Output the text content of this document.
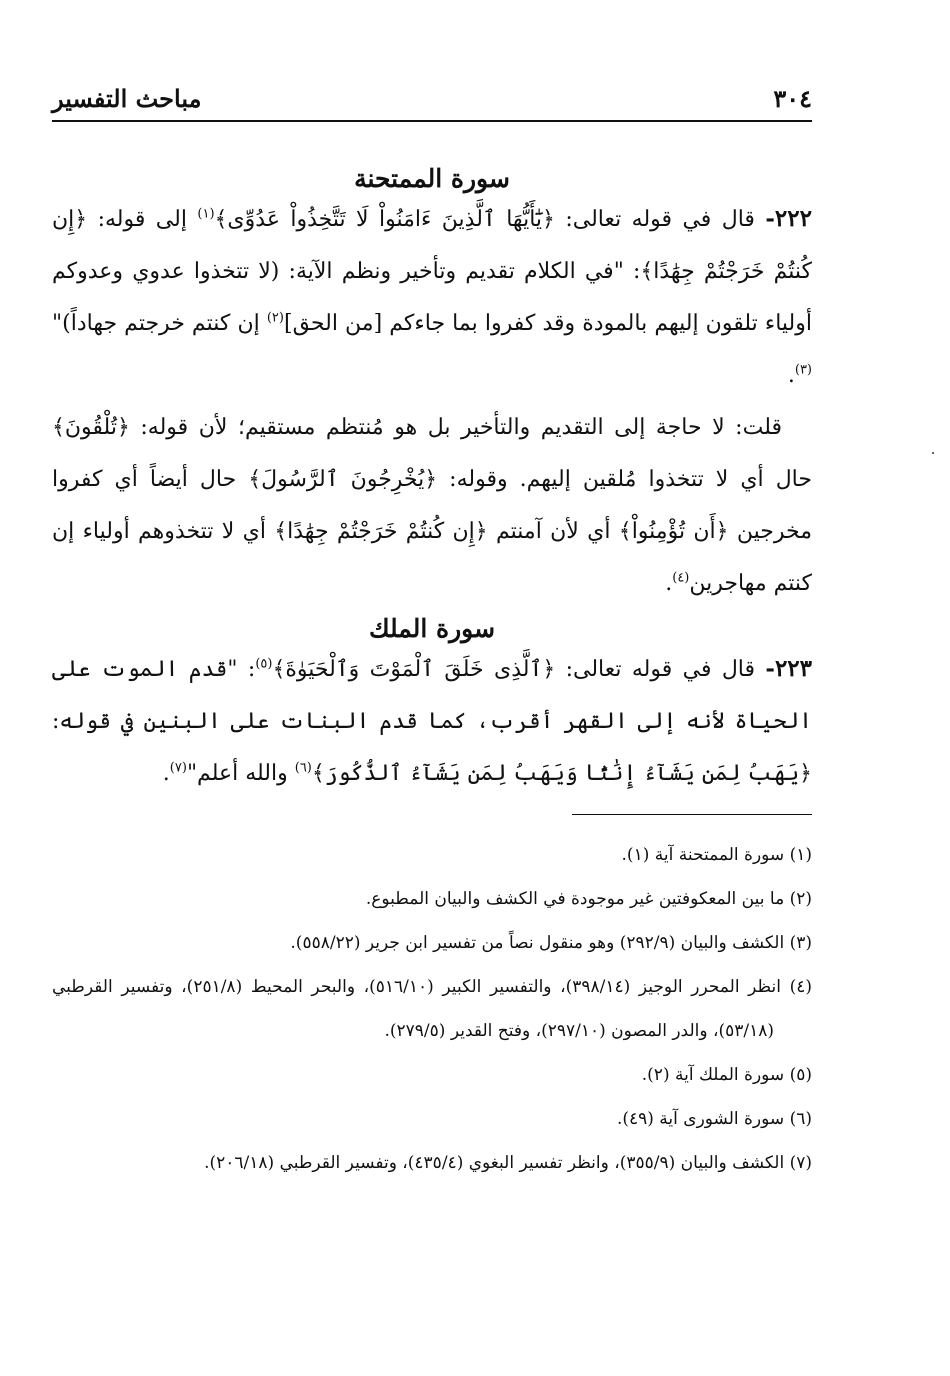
٣٠٤
مباحث التفسير
سورة الممتحنة

٢٢٢- قال في قوله تعالى: ﴿يَٰٓأَيُّهَا ٱلَّذِينَ ءَامَنُواْ لَا تَتَّخِذُواْ عَدُوِّى﴾$^{(١)}$ إلى قوله: ﴿إِن كُنتُمْ خَرَجْتُمْ جِهَٰدًا﴾: "في الكلام تقديم وتأخير ونظم الآية: (لا تتخذوا عدوي وعدوكم أولياء تلقون إليهم بالمودة وقد كفروا بما جاءكم [من الحق]$^{(٢)}$ إن كنتم خرجتم جهاداً)"$^{(٣)}$.

قلت: لا حاجة إلى التقديم والتأخير بل هو مُنتظم مستقيم؛ لأن قوله: ﴿تُلْقُونَ﴾ حال أي لا تتخذوا مُلقين إليهم. وقوله: ﴿يُخْرِجُونَ ٱلرَّسُولَ﴾ حال أيضاً أي كفروا مخرجين ﴿أَن تُؤْمِنُواْ﴾ أي لأن آمنتم ﴿إِن كُنتُمْ خَرَجْتُمْ جِهَٰدًا﴾ أي لا تتخذوهم أولياء إن كنتم مهاجرين$^{(٤)}$.

سورة الملك

٢٢٣- قال في قوله تعالى: ﴿ٱلَّذِى خَلَقَ ٱلْمَوْتَ وَٱلْحَيَوٰةَ﴾$^{(٥)}$: "قدم الموت على الحياة لأنه إلى القهر أقرب، كما قدم البنات على البنين في قوله: ﴿يَهَبُ لِمَن يَشَآءُ إِنَٰثًا وَيَهَبُ لِمَن يَشَآءُ ٱلذُّكُورَ﴾$^{(٦)}$ والله أعلم"$^{(٧)}$.

(١) سورة الممتحنة آية (١).

(٢) ما بين المعكوفتين غير موجودة في الكشف والبيان المطبوع.

(٣) الكشف والبيان (٢٩٢/٩) وهو منقول نصاً من تفسير ابن جرير (٥٥٨/٢٢).

(٤) انظر المحرر الوجيز (٣٩٨/١٤)، والتفسير الكبير (٥١٦/١٠)، والبحر المحيط (٢٥١/٨)، وتفسير القرطبي (٥٣/١٨)، والدر المصون (٢٩٧/١٠)، وفتح القدير (٢٧٩/٥).

(٥) سورة الملك آية (٢).

(٦) سورة الشورى آية (٤٩).

(٧) الكشف والبيان (٣٥٥/٩)، وانظر تفسير البغوي (٤٣٥/٤)، وتفسير القرطبي (٢٠٦/١٨).
